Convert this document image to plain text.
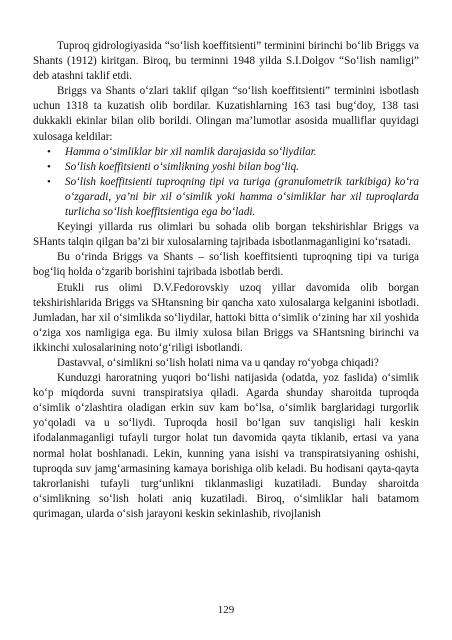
Tuproq gidrologiyasida “so‘lish koeffitsienti” terminini birinchi bo‘lib Briggs va Shants (1912) kiritgan. Biroq, bu terminni 1948 yilda S.I.Dolgov “So‘lish namligi” deb atashni taklif etdi.

Briggs va Shants o‘zlari taklif qilgan “so‘lish koeffitsienti” terminini isbotlash uchun 1318 ta kuzatish olib bordilar. Kuzatishlarning 163 tasi bug‘doy, 138 tasi dukkakli ekinlar bilan olib borildi. Olingan ma’lumotlar asosida mualliflar quyidagi xulosaga keldilar:

• Hamma o‘simliklar bir xil namlik darajasida so‘liydilar.
• So‘lish koeffitsienti o‘simlikning yoshi bilan bog‘liq.
• So‘lish koeffitsienti tuproqning tipi va turiga (granulometrik tarkibiga) ko‘ra o‘zgaradi, ya’ni bir xil o‘simlik yoki hamma o‘simliklar har xil tuproqlarda turlicha so‘lish koeffitsientiga ega bo‘ladi.

Keyingi yillarda rus olimlari bu sohada olib borgan tekshirishlar Briggs va SHants talqin qilgan ba’zi bir xulosalarning tajribada isbotlanmaganligini ko‘rsatadi.

Bu o‘rinda Briggs va Shants – so‘lish koeffitsienti tuproqning tipi va turiga bog‘liq holda o‘zgarib borishini tajribada isbotlab berdi.

Etukli rus olimi D.V.Fedorovskiy uzoq yillar davomida olib borgan tekshirishlarida Briggs va SHtansning bir qancha xato xulosalarga kelganini isbotladi. Jumladan, har xil o‘simlikda so‘liydilar, hattoki bitta o‘simlik o‘zining har xil yoshida o‘ziga xos namligiga ega. Bu ilmiy xulosa bilan Briggs va SHantsning birinchi va ikkinchi xulosalarining noto‘g‘riligi isbotlandi.

Dastavval, o‘simlikni so‘lish holati nima va u qanday ro‘yobga chiqadi?

Kunduzgi haroratning yuqori bo‘lishi natijasida (odatda, yoz faslida) o‘simlik ko‘p miqdorda suvni transpiratsiya qiladi. Agarda shunday sharoitda tuproqda o‘simlik o‘zlashtira oladigan erkin suv kam bo‘lsa, o‘simlik barglaridagi turgorlik yo‘qoladi va u so‘liydi. Tuproqda hosil bo‘lgan suv tanqisligi hali keskin ifodalanmaganligi tufayli turgor holat tun davomida qayta tiklanib, ertasi va yana normal holat boshlanadi. Lekin, kunning yana isishi va transpiratsiyaning oshishi, tuproqda suv jamg‘armasining kamaya borishiga olib keladi. Bu hodisani qayta-qayta takrorlanishi tufayli turg‘unlikni tiklanmasligi kuzatiladi. Bunday sharoitda o‘simlikning so‘lish holati aniq kuzatiladi. Biroq, o‘simliklar hali batamom qurimagan, ularda o‘sish jarayoni keskin sekinlashib, rivojlanish

129
